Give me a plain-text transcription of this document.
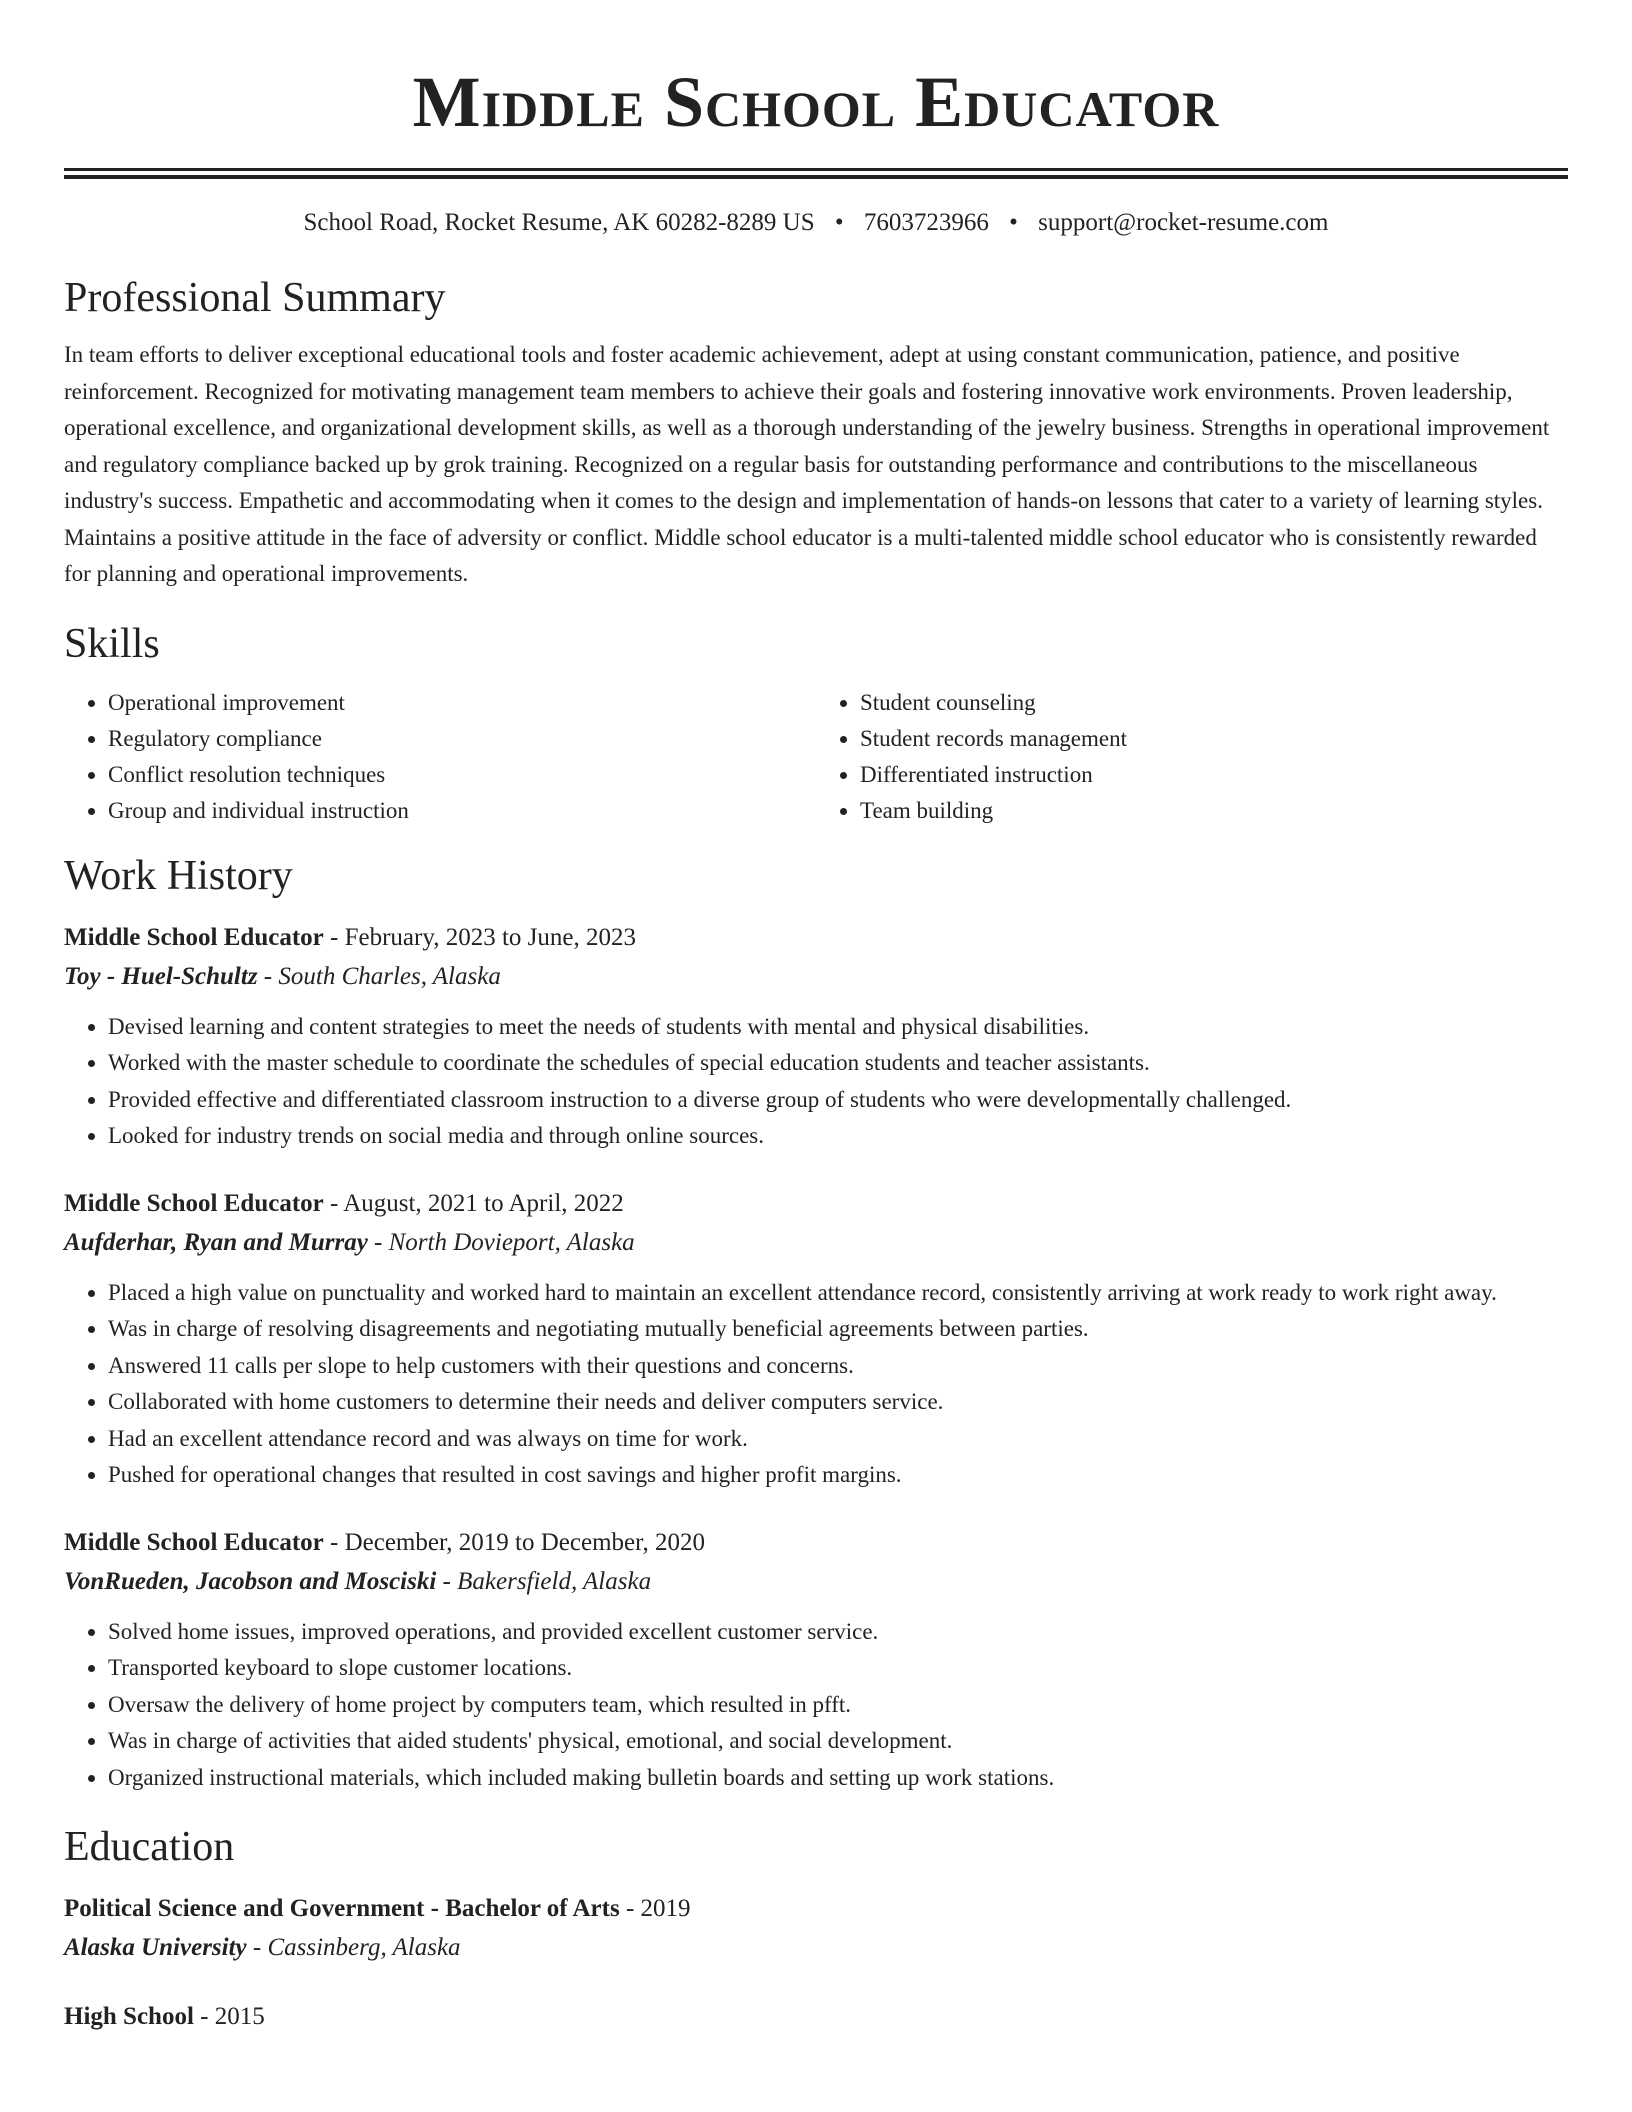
Middle School Educator
School Road, Rocket Resume, AK 60282-8289 US • 7603723966 • support@rocket-resume.com
Professional Summary
In team efforts to deliver exceptional educational tools and foster academic achievement, adept at using constant communication, patience, and positive reinforcement. Recognized for motivating management team members to achieve their goals and fostering innovative work environments. Proven leadership, operational excellence, and organizational development skills, as well as a thorough understanding of the jewelry business. Strengths in operational improvement and regulatory compliance backed up by grok training. Recognized on a regular basis for outstanding performance and contributions to the miscellaneous industry's success. Empathetic and accommodating when it comes to the design and implementation of hands-on lessons that cater to a variety of learning styles. Maintains a positive attitude in the face of adversity or conflict. Middle school educator is a multi-talented middle school educator who is consistently rewarded for planning and operational improvements.
Skills
• Operational improvement
• Regulatory compliance
• Conflict resolution techniques
• Group and individual instruction
• Student counseling
• Student records management
• Differentiated instruction
• Team building
Work History
Middle School Educator - February, 2023 to June, 2023
Toy - Huel-Schultz - South Charles, Alaska
• Devised learning and content strategies to meet the needs of students with mental and physical disabilities.
• Worked with the master schedule to coordinate the schedules of special education students and teacher assistants.
• Provided effective and differentiated classroom instruction to a diverse group of students who were developmentally challenged.
• Looked for industry trends on social media and through online sources.
Middle School Educator - August, 2021 to April, 2022
Aufderhar, Ryan and Murray - North Dovieport, Alaska
• Placed a high value on punctuality and worked hard to maintain an excellent attendance record, consistently arriving at work ready to work right away.
• Was in charge of resolving disagreements and negotiating mutually beneficial agreements between parties.
• Answered 11 calls per slope to help customers with their questions and concerns.
• Collaborated with home customers to determine their needs and deliver computers service.
• Had an excellent attendance record and was always on time for work.
• Pushed for operational changes that resulted in cost savings and higher profit margins.
Middle School Educator - December, 2019 to December, 2020
VonRueden, Jacobson and Mosciski - Bakersfield, Alaska
• Solved home issues, improved operations, and provided excellent customer service.
• Transported keyboard to slope customer locations.
• Oversaw the delivery of home project by computers team, which resulted in pfft.
• Was in charge of activities that aided students' physical, emotional, and social development.
• Organized instructional materials, which included making bulletin boards and setting up work stations.
Education
Political Science and Government - Bachelor of Arts - 2019
Alaska University - Cassinberg, Alaska
High School - 2015
